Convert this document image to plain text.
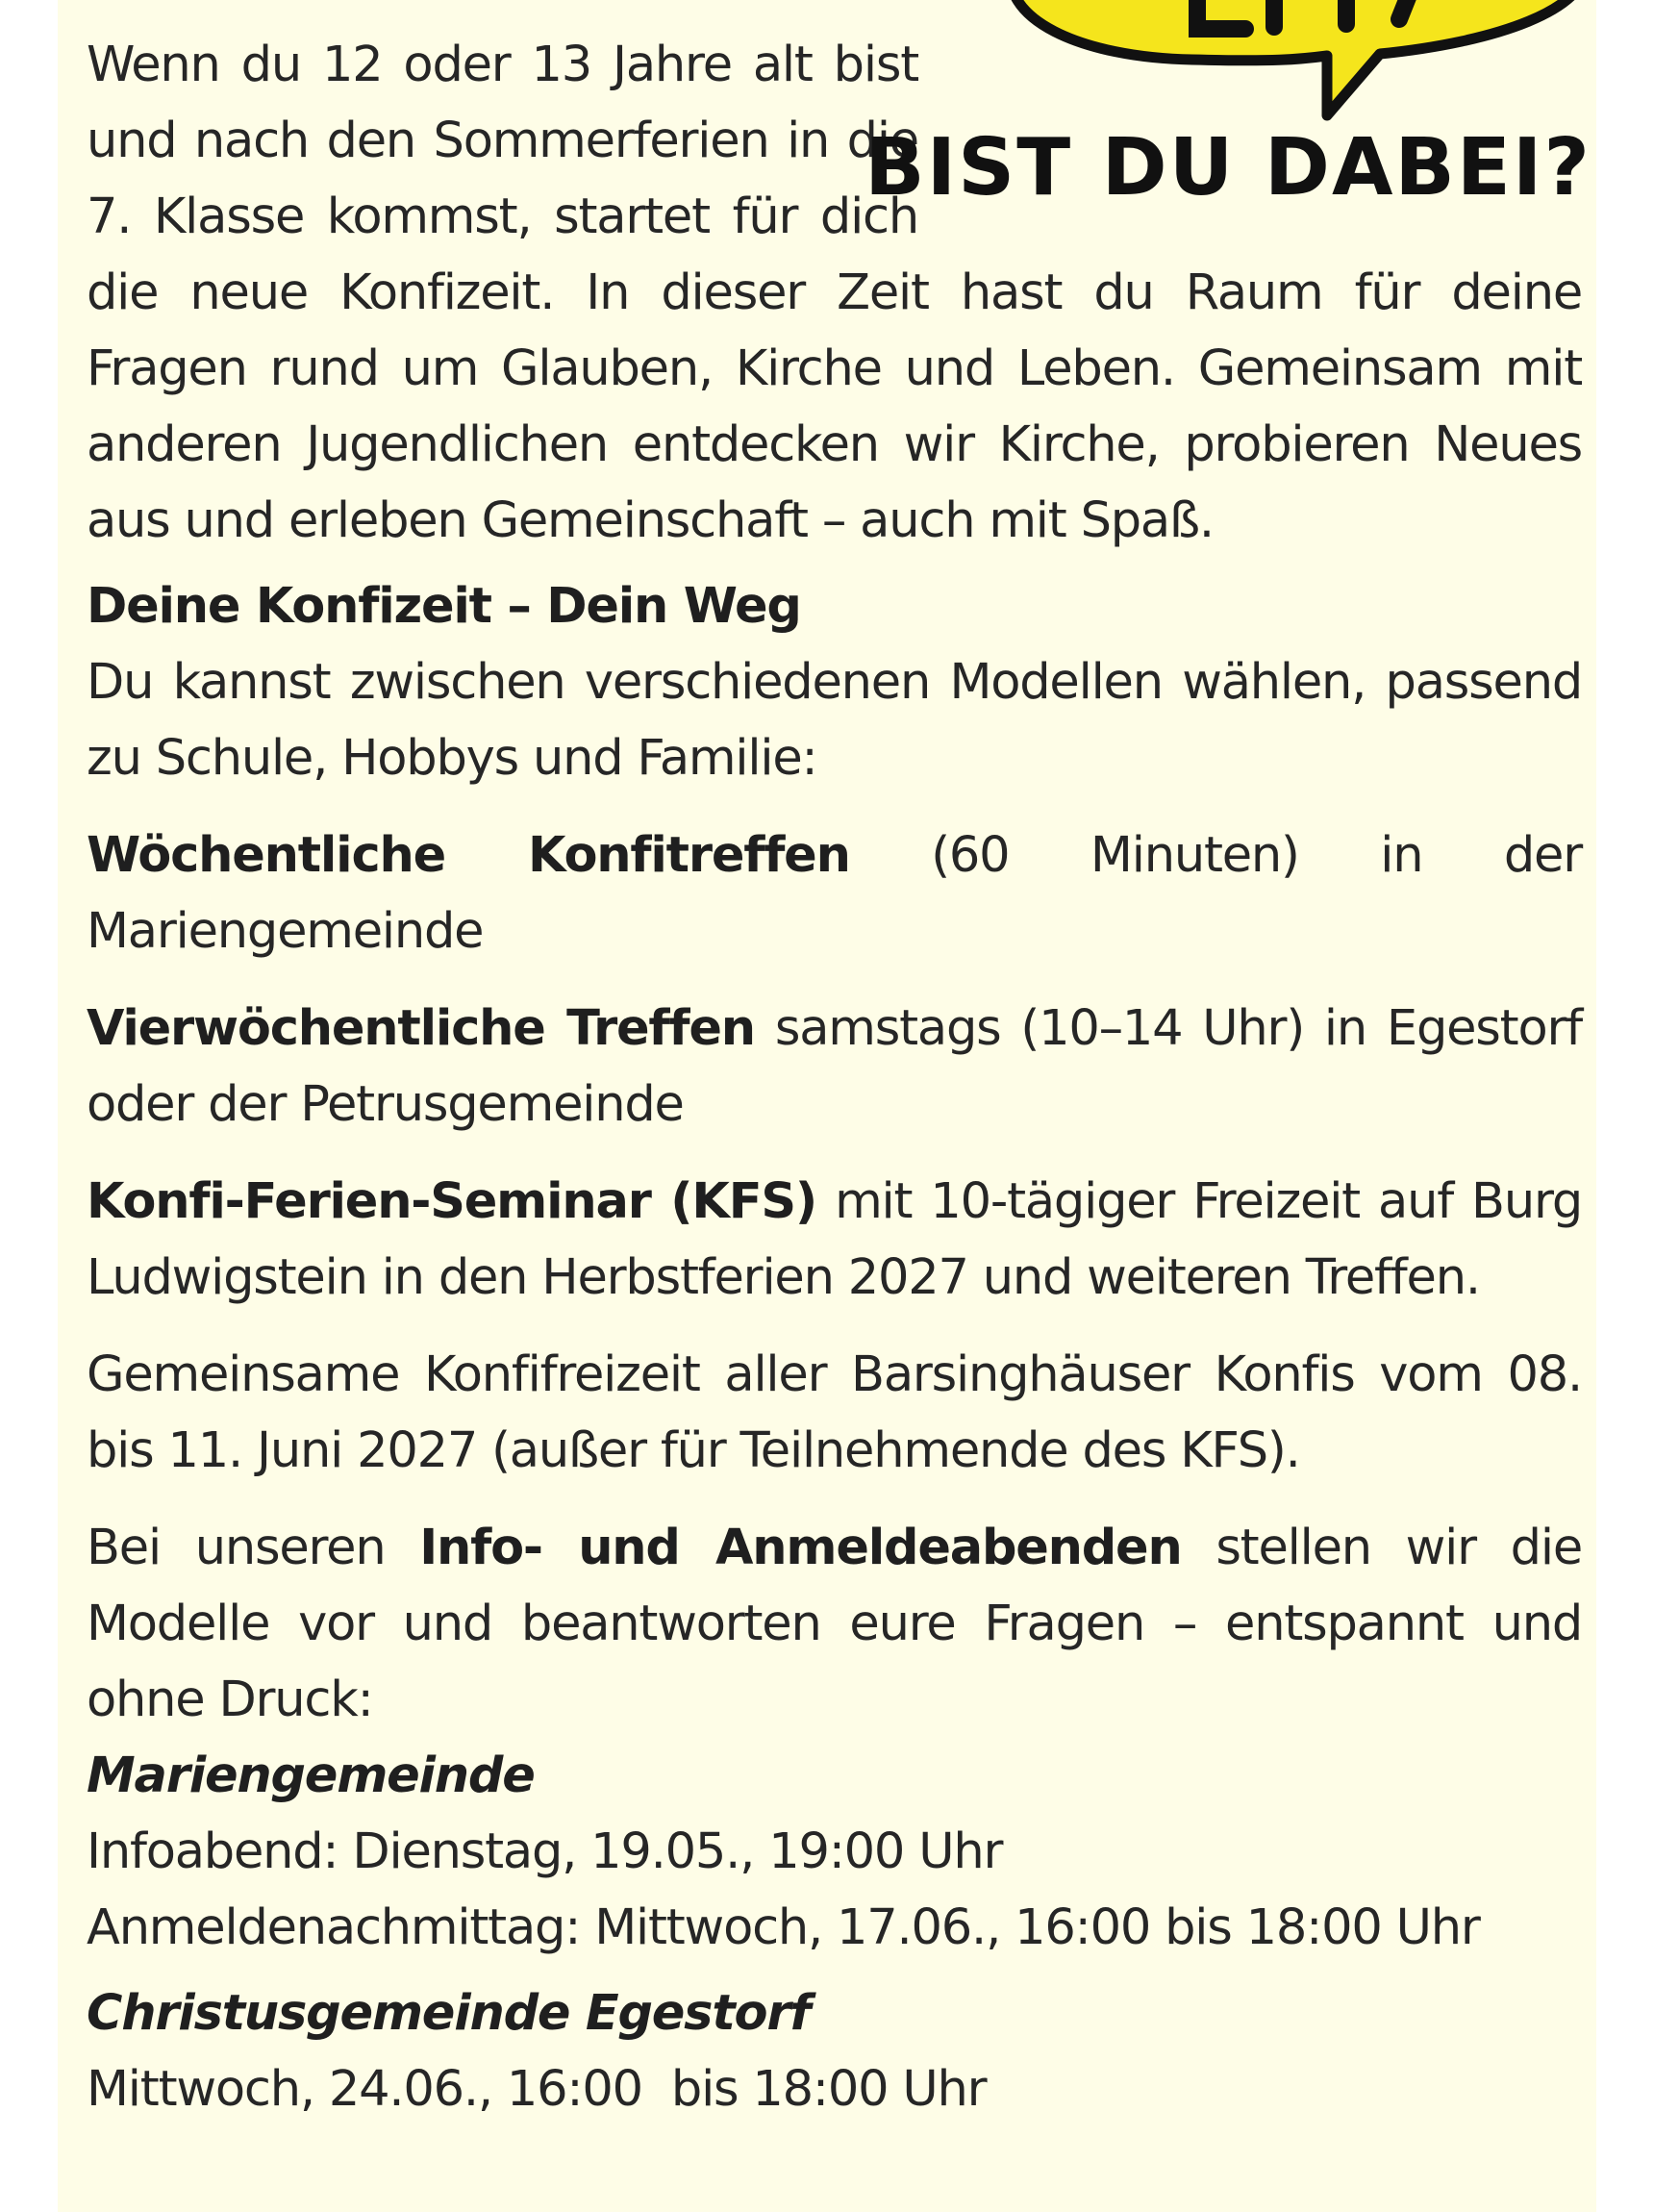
BIST DU DABEI?

Wenn du 12 oder 13 Jahre alt bist und nach den Sommerferien in die 7. Klasse kommst, startet für dich die neue Konfizeit. In dieser Zeit hast du Raum für deine Fragen rund um Glauben, Kirche und Leben. Gemeinsam mit anderen Jugendlichen entdecken wir Kirche, probieren Neues aus und erleben Gemeinschaft – auch mit Spaß.

Deine Konfizeit – Dein Weg

Du kannst zwischen verschiedenen Modellen wählen, passend zu Schule, Hobbys und Familie:

Wöchentliche Konfitreffen (60 Minuten) in der Mariengemeinde

Vierwöchentliche Treffen samstags (10–14 Uhr) in Egestorf oder der Petrusgemeinde

Konfi-Ferien-Seminar (KFS) mit 10-tägiger Freizeit auf Burg Ludwigstein in den Herbstferien 2027 und weiteren Treffen.

Gemeinsame Konfifreizeit aller Barsinghäuser Konfis vom 08. bis 11. Juni 2027 (außer für Teilnehmende des KFS).

Bei unseren Info- und Anmeldeabenden stellen wir die Modelle vor und beantworten eure Fragen – entspannt und ohne Druck:

Mariengemeinde

Infoabend: Dienstag, 19.05., 19:00 Uhr

Anmeldenachmittag: Mittwoch, 17.06., 16:00 bis 18:00 Uhr

Christusgemeinde Egestorf

Mittwoch, 24.06., 16:00  bis 18:00 Uhr
